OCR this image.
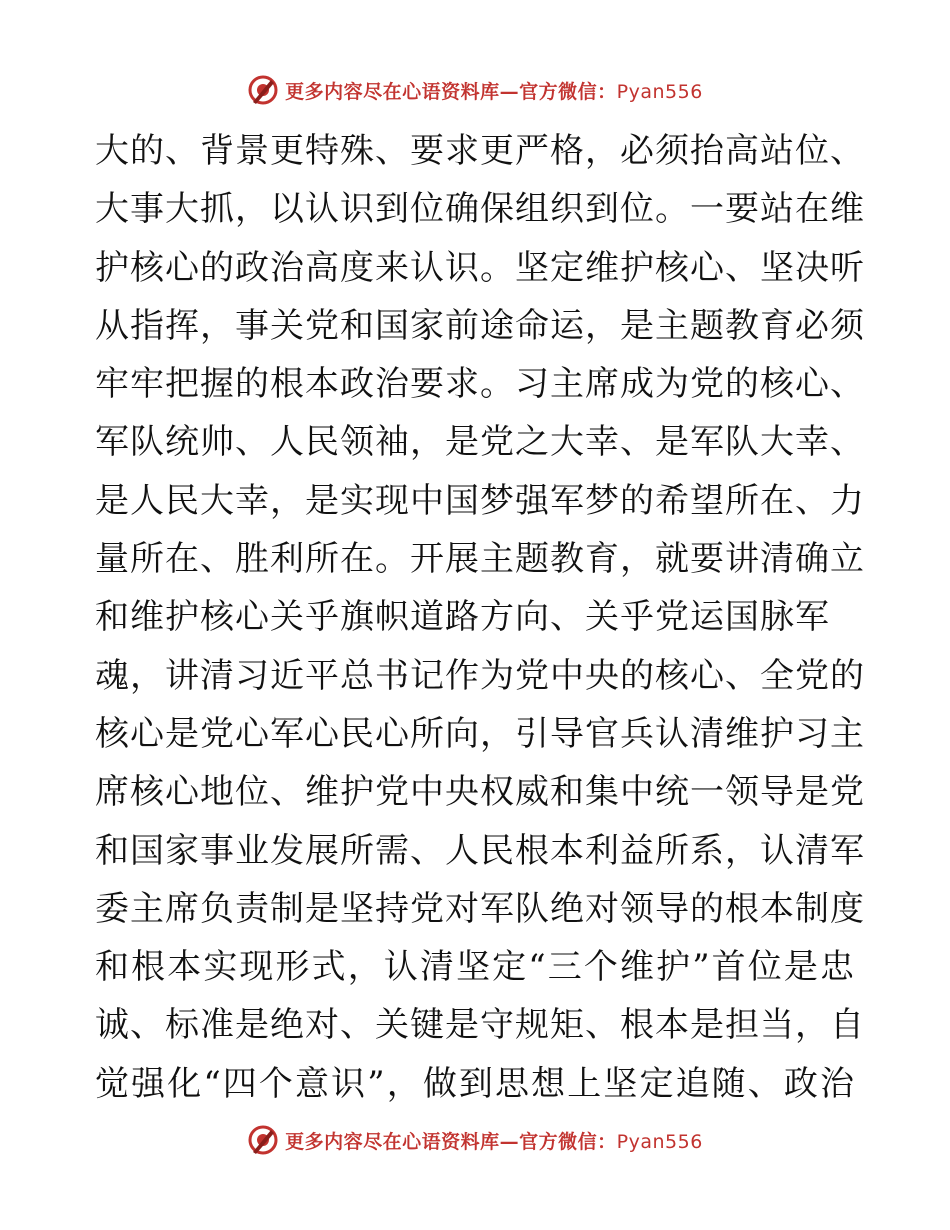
更多内容尽在心语资料库—官方微信：Pyan556
大的、背景更特殊、要求更严格，必须抬高站位、
大事大抓，以认识到位确保组织到位。一要站在维
护核心的政治高度来认识。坚定维护核心、坚决听
从指挥，事关党和国家前途命运，是主题教育必须
牢牢把握的根本政治要求。习主席成为党的核心、
军队统帅、人民领袖，是党之大幸、是军队大幸、
是人民大幸，是实现中国梦强军梦的希望所在、力
量所在、胜利所在。开展主题教育，就要讲清确立
和维护核心关乎旗帜道路方向、关乎党运国脉军
魂，讲清习近平总书记作为党中央的核心、全党的
核心是党心军心民心所向，引导官兵认清维护习主
席核心地位、维护党中央权威和集中统一领导是党
和国家事业发展所需、人民根本利益所系，认清军
委主席负责制是坚持党对军队绝对领导的根本制度
和根本实现形式，认清坚定“三个维护”首位是忠
诚、标准是绝对、关键是守规矩、根本是担当，自
觉强化“四个意识”，做到思想上坚定追随、政治
更多内容尽在心语资料库—官方微信：Pyan556
